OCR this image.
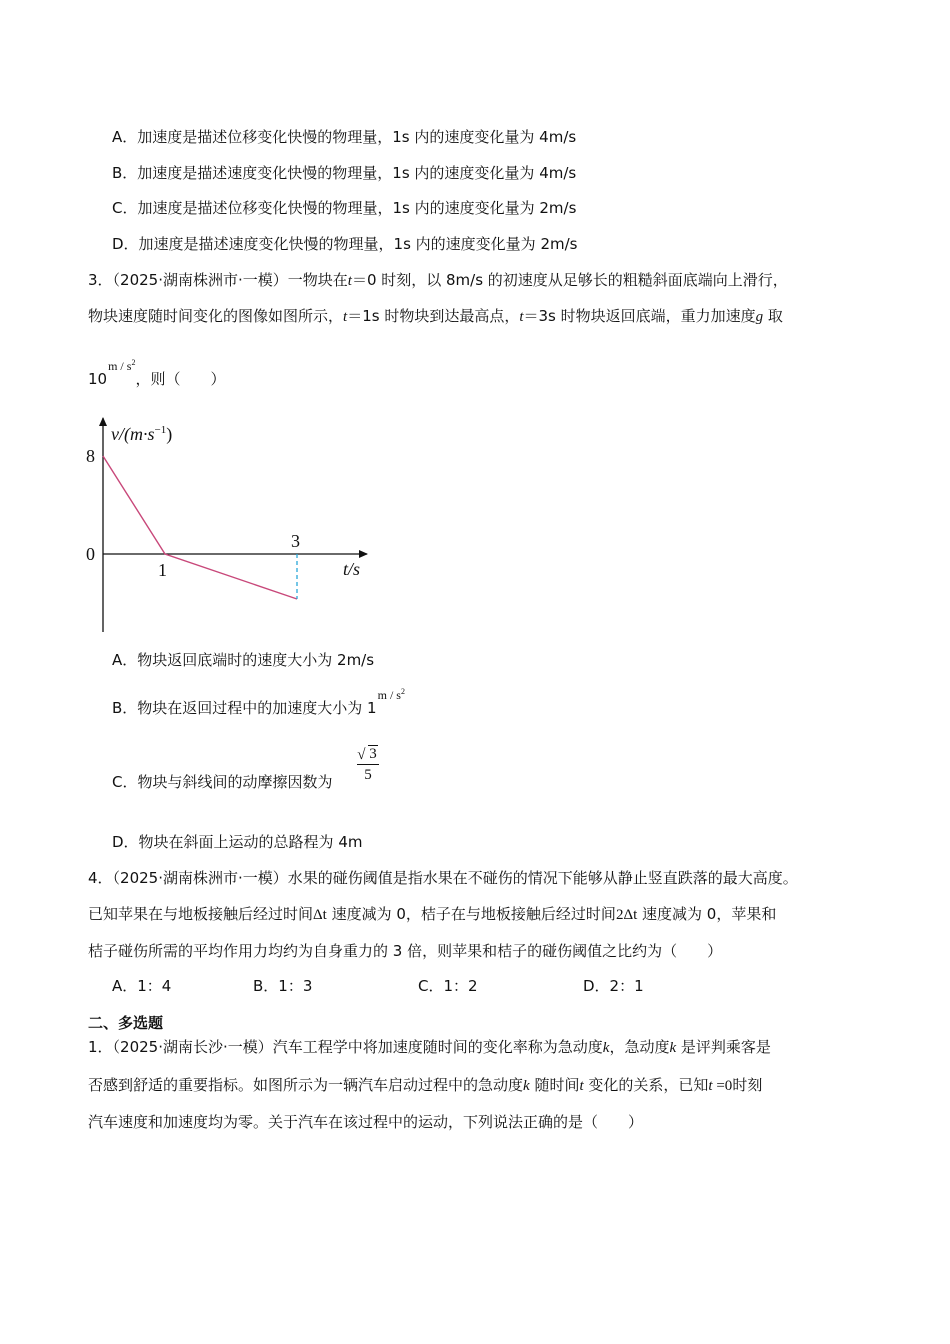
A．加速度是描述位移变化快慢的物理量，1s 内的速度变化量为 4m/s
B．加速度是描述速度变化快慢的物理量，1s 内的速度变化量为 4m/s
C．加速度是描述位移变化快慢的物理量，1s 内的速度变化量为 2m/s
D．加速度是描述速度变化快慢的物理量，1s 内的速度变化量为 2m/s
3．（2025·湖南株洲市·一模）一物块在t＝0 时刻，以 8m/s 的初速度从足够长的粗糙斜面底端向上滑行，
物块速度随时间变化的图像如图所示，t＝1s 时物块到达最高点，t＝3s 时物块返回底端，重力加速度g 取
$10^{m / s^2}$，则（　　）
$v/(m\cdot s^{-1})$
8
0
1
3
t/s
A．物块返回底端时的速度大小为 2m/s
B．物块在返回过程中的加速度大小为 $1^{m / s^2}$
C．物块与斜线间的动摩擦因数为
√ 3
5
D．物块在斜面上运动的总路程为 4m
4．（2025·湖南株洲市·一模）水果的碰伤阈值是指水果在不碰伤的情况下能够从静止竖直跌落的最大高度。
已知苹果在与地板接触后经过时间Δt 速度减为 0，桔子在与地板接触后经过时间2Δt 速度减为 0，苹果和
桔子碰伤所需的平均作用力均约为自身重力的 3 倍，则苹果和桔子的碰伤阈值之比约为（　　）
A．1：4	B．1：3	C．1：2	D．2：1
二、多选题
1．（2025·湖南长沙·一模）汽车工程学中将加速度随时间的变化率称为急动度k，急动度k 是评判乘客是
否感到舒适的重要指标。如图所示为一辆汽车启动过程中的急动度k 随时间t 变化的关系，已知t =0时刻
汽车速度和加速度均为零。关于汽车在该过程中的运动，下列说法正确的是（　　）
